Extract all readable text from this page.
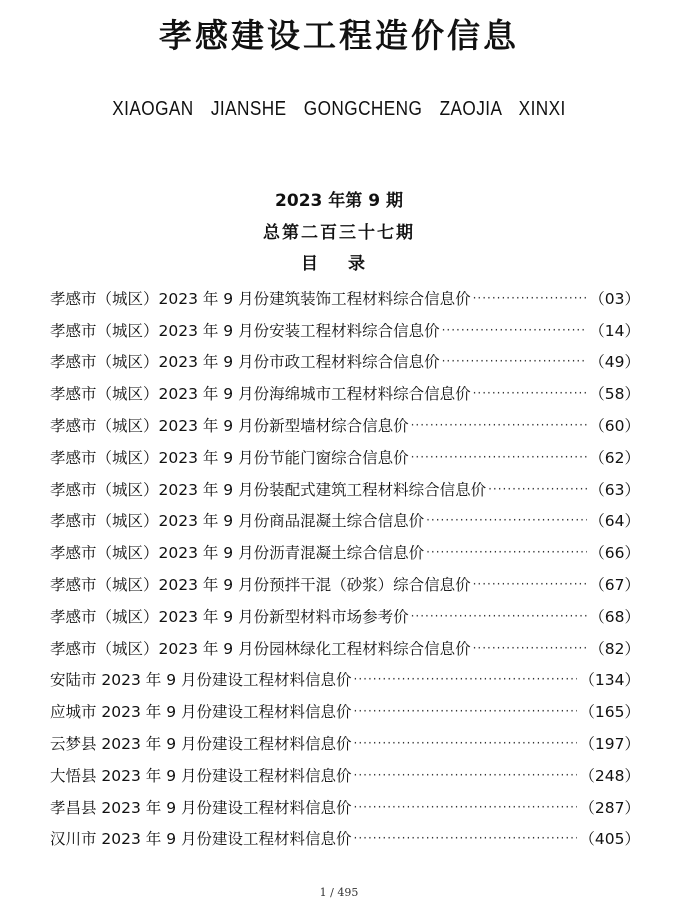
孝感建设工程造价信息
XIAOGAN JIANSHE GONGCHENG ZAOJIA XINXI
2023 年第 9 期
总第二百三十七期
目 录
孝感市（城区）2023 年 9 月份建筑装饰工程材料综合信息价 ·····	（03）
孝感市（城区）2023 年 9 月份安装工程材料综合信息价 ·····	（14）
孝感市（城区）2023 年 9 月份市政工程材料综合信息价 ·····	（49）
孝感市（城区）2023 年 9 月份海绵城市工程材料综合信息价 ·····	（58）
孝感市（城区）2023 年 9 月份新型墙材综合信息价 ·····	（60）
孝感市（城区）2023 年 9 月份节能门窗综合信息价 ·····	（62）
孝感市（城区）2023 年 9 月份装配式建筑工程材料综合信息价 ·····	（63）
孝感市（城区）2023 年 9 月份商品混凝土综合信息价 ·····	（64）
孝感市（城区）2023 年 9 月份沥青混凝土综合信息价 ·····	（66）
孝感市（城区）2023 年 9 月份预拌干混（砂浆）综合信息价 ·····	（67）
孝感市（城区）2023 年 9 月份新型材料市场参考价 ·····	（68）
孝感市（城区）2023 年 9 月份园林绿化工程材料综合信息价 ·····	（82）
安陆市 2023 年 9 月份建设工程材料信息价 ·····	（134）
应城市 2023 年 9 月份建设工程材料信息价 ·····	（165）
云梦县 2023 年 9 月份建设工程材料信息价 ·····	（197）
大悟县 2023 年 9 月份建设工程材料信息价 ·····	（248）
孝昌县 2023 年 9 月份建设工程材料信息价 ·····	（287）
汉川市 2023 年 9 月份建设工程材料信息价 ·····	（405）
1 / 495
